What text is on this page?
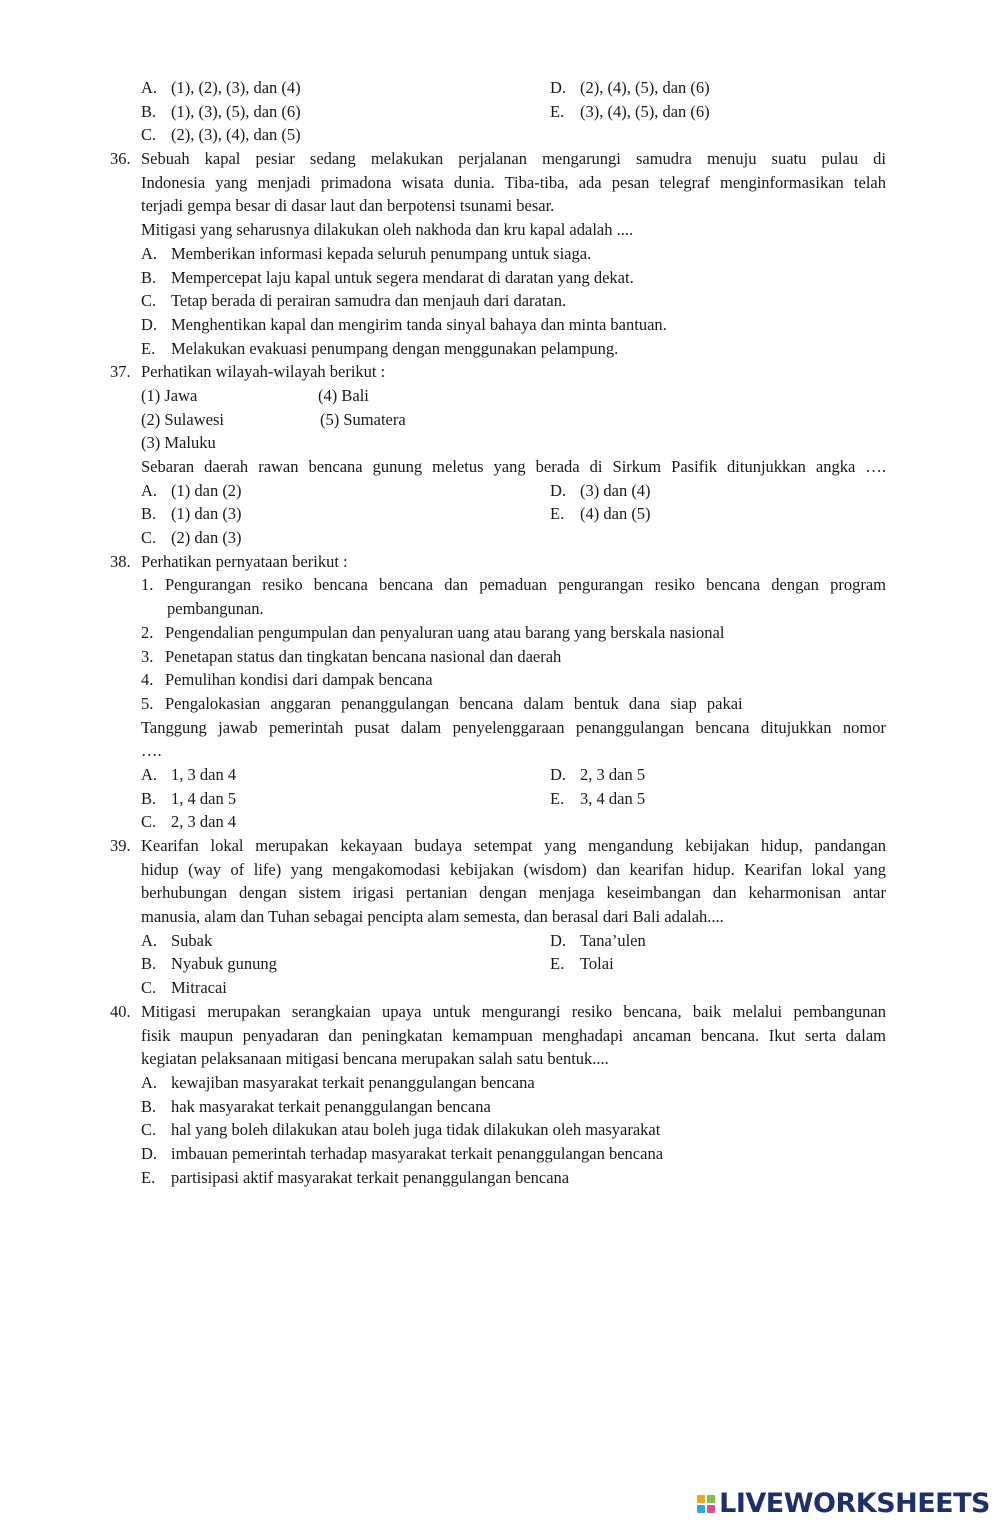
A. (1), (2), (3), dan (4)	D. (2), (4), (5), dan (6)
B. (1), (3), (5), dan (6)	E. (3), (4), (5), dan (6)
C. (2), (3), (4), dan (5)
36. Sebuah kapal pesiar sedang melakukan perjalanan mengarungi samudra menuju suatu pulau di
Indonesia yang menjadi primadona wisata dunia. Tiba-tiba, ada pesan telegraf menginformasikan telah
terjadi gempa besar di dasar laut dan berpotensi tsunami besar.
Mitigasi yang seharusnya dilakukan oleh nakhoda dan kru kapal adalah ....
A. Memberikan informasi kepada seluruh penumpang untuk siaga.
B. Mempercepat laju kapal untuk segera mendarat di daratan yang dekat.
C. Tetap berada di perairan samudra dan menjauh dari daratan.
D. Menghentikan kapal dan mengirim tanda sinyal bahaya dan minta bantuan.
E. Melakukan evakuasi penumpang dengan menggunakan pelampung.
37. Perhatikan wilayah-wilayah berikut :
(1) Jawa	(4) Bali
(2) Sulawesi	(5) Sumatera
(3) Maluku
Sebaran daerah rawan bencana gunung meletus yang berada di Sirkum Pasifik ditunjukkan angka ….
A. (1) dan (2)	D. (3) dan (4)
B. (1) dan (3)	E. (4) dan (5)
C. (2) dan (3)
38. Perhatikan pernyataan berikut :
1. Pengurangan resiko bencana bencana dan pemaduan pengurangan resiko bencana dengan program
pembangunan.
2. Pengendalian pengumpulan dan penyaluran uang atau barang yang berskala nasional
3. Penetapan status dan tingkatan bencana nasional dan daerah
4. Pemulihan kondisi dari dampak bencana
5. Pengalokasian anggaran penanggulangan bencana dalam bentuk dana siap pakai
Tanggung jawab pemerintah pusat dalam penyelenggaraan penanggulangan bencana ditujukkan nomor
….
A. 1, 3 dan 4	D. 2, 3 dan 5
B. 1, 4 dan 5	E. 3, 4 dan 5
C. 2, 3 dan 4
39. Kearifan lokal merupakan kekayaan budaya setempat yang mengandung kebijakan hidup, pandangan
hidup (way of life) yang mengakomodasi kebijakan (wisdom) dan kearifan hidup. Kearifan lokal yang
berhubungan dengan sistem irigasi pertanian dengan menjaga keseimbangan dan keharmonisan antar
manusia, alam dan Tuhan sebagai pencipta alam semesta, dan berasal dari Bali adalah....
A. Subak	D. Tana’ulen
B. Nyabuk gunung	E. Tolai
C. Mitracai
40. Mitigasi merupakan serangkaian upaya untuk mengurangi resiko bencana, baik melalui pembangunan
fisik maupun penyadaran dan peningkatan kemampuan menghadapi ancaman bencana. Ikut serta dalam
kegiatan pelaksanaan mitigasi bencana merupakan salah satu bentuk....
A. kewajiban masyarakat terkait penanggulangan bencana
B. hak masyarakat terkait penanggulangan bencana
C. hal yang boleh dilakukan atau boleh juga tidak dilakukan oleh masyarakat
D. imbauan pemerintah terhadap masyarakat terkait penanggulangan bencana
E. partisipasi aktif masyarakat terkait penanggulangan bencana
LIVEWORKSHEETS
